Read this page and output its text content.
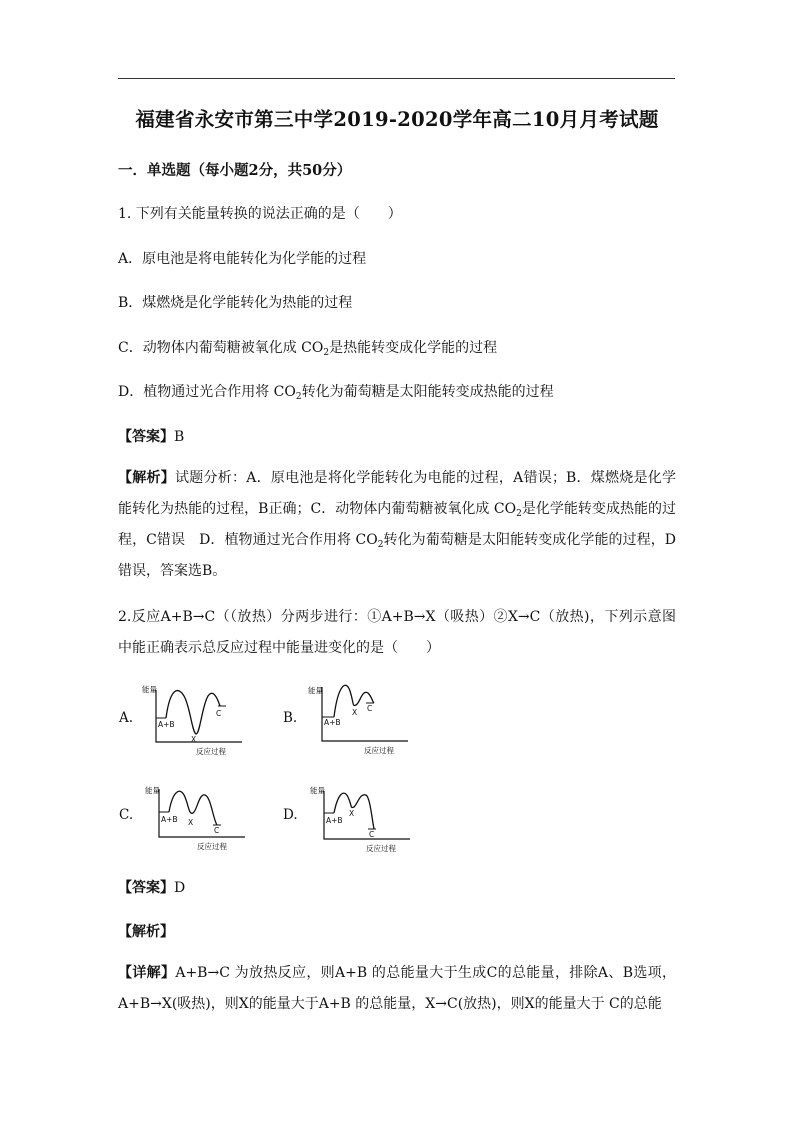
福建省永安市第三中学2019-2020学年高二10月月考试题
一．单选题（每小题2分，共50分）
1. 下列有关能量转换的说法正确的是（　　）
A．原电池是将电能转化为化学能的过程
B．煤燃烧是化学能转化为热能的过程
C．动物体内葡萄糖被氧化成 $CO_2$是热能转变成化学能的过程
D．植物通过光合作用将 $CO_2$转化为葡萄糖是太阳能转变成热能的过程
【答案】B
【解析】试题分析：A．原电池是将化学能转化为电能的过程，A错误；B．煤燃烧是化学能转化为热能的过程，B正确；C．动物体内葡萄糖被氧化成 $CO_2$是化学能转变成热能的过程，C错误　D．植物通过光合作用将 $CO_2$转化为葡萄糖是太阳能转变成化学能的过程，D错误，答案选B。
2.反应A+B→C（（放热）分两步进行：①A+B→X（吸热）②X→C（放热)，下列示意图中能正确表示总反应过程中能量进变化的是（　　）
A.	B.
C.	D.
能量
反应过程
A+B
X
C
能量
反应过程
A+B
X C
能量
反应过程
A+B X
C
能量
反应过程
A+B
X
C
【答案】D
【解析】
【详解】A+B→C 为放热反应，则A+B 的总能量大于生成C的总能量，排除A、B选项，A+B→X(吸热)，则X的能量大于A+B 的总能量，X→C(放热)，则X的能量大于 C的总能
